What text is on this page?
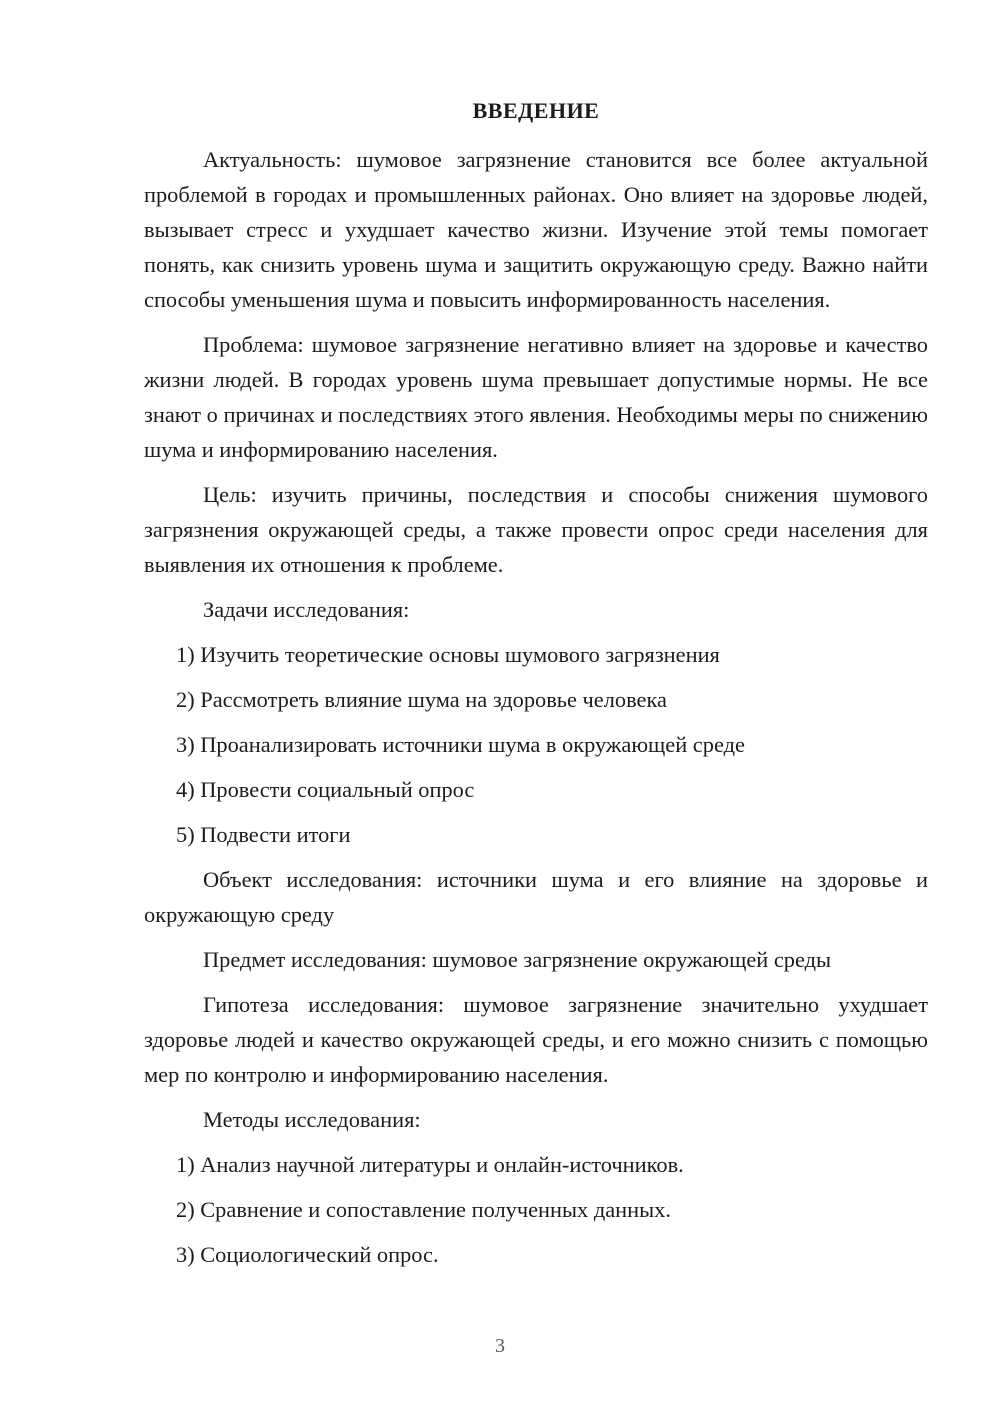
ВВЕДЕНИЕ

Актуальность: шумовое загрязнение становится все более актуальной проблемой в городах и промышленных районах. Оно влияет на здоровье людей, вызывает стресс и ухудшает качество жизни. Изучение этой темы помогает понять, как снизить уровень шума и защитить окружающую среду. Важно найти способы уменьшения шума и повысить информированность населения.

Проблема: шумовое загрязнение негативно влияет на здоровье и качество жизни людей. В городах уровень шума превышает допустимые нормы. Не все знают о причинах и последствиях этого явления. Необходимы меры по снижению шума и информированию населения.

Цель: изучить причины, последствия и способы снижения шумового загрязнения окружающей среды, а также провести опрос среди населения для выявления их отношения к проблеме.

Задачи исследования:

1) Изучить теоретические основы шумового загрязнения
2) Рассмотреть влияние шума на здоровье человека
3) Проанализировать источники шума в окружающей среде
4) Провести социальный опрос
5) Подвести итоги

Объект исследования: источники шума и его влияние на здоровье и окружающую среду

Предмет исследования: шумовое загрязнение окружающей среды

Гипотеза исследования: шумовое загрязнение значительно ухудшает здоровье людей и качество окружающей среды, и его можно снизить с помощью мер по контролю и информированию населения.

Методы исследования:

1) Анализ научной литературы и онлайн-источников.
2) Сравнение и сопоставление полученных данных.
3) Социологический опрос.
3
